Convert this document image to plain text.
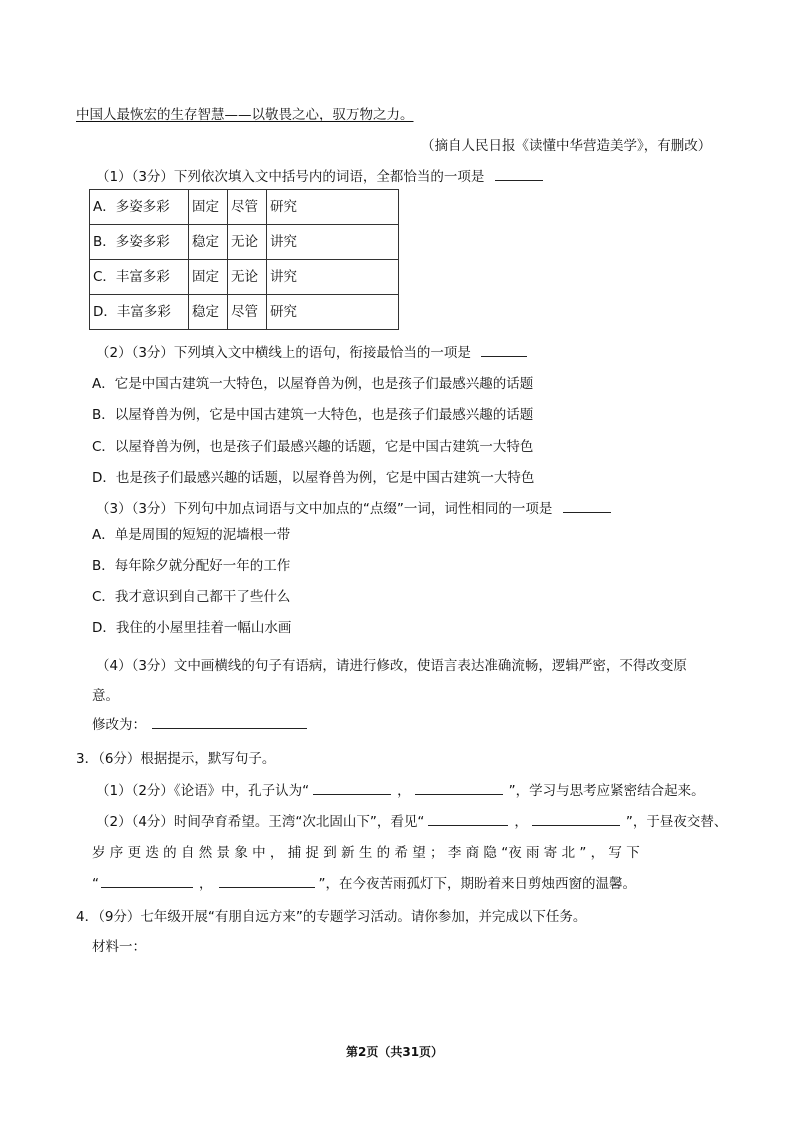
中国人最恢宏的生存智慧——以敬畏之心，驭万物之力。
（摘自人民日报《读懂中华营造美学》，有删改）
（1）（3分）下列依次填入文中括号内的词语，全都恰当的一项是
A．多姿多彩	固定	尽管	研究
B．多姿多彩	稳定	无论	讲究
C．丰富多彩	固定	无论	讲究
D．丰富多彩	稳定	尽管	研究
（2）（3分）下列填入文中横线上的语句，衔接最恰当的一项是
A．它是中国古建筑一大特色，以屋脊兽为例，也是孩子们最感兴趣的话题
B．以屋脊兽为例，它是中国古建筑一大特色，也是孩子们最感兴趣的话题
C．以屋脊兽为例，也是孩子们最感兴趣的话题，它是中国古建筑一大特色
D．也是孩子们最感兴趣的话题，以屋脊兽为例，它是中国古建筑一大特色
（3）（3分）下列句中加点词语与文中加点的“点缀”一词，词性相同的一项是
A．单是周围的短短的泥墙根一带
B．每年除夕就分配好一年的工作
C．我才意识到自己都干了些什么
D．我住的小屋里挂着一幅山水画
（4）（3分）文中画横线的句子有语病，请进行修改，使语言表达准确流畅，逻辑严密，不得改变原
意。
修改为：
3．（6分）根据提示，默写句子。
（1）（2分）《论语》中，孔子认为“	，	”，学习与思考应紧密结合起来。
（2）（4分）时间孕育希望。王湾“次北固山下”，看见“	，	”，于昼夜交替、
岁 序 更 迭 的 自 然 景 象 中 ， 捕 捉 到 新 生 的 希 望 ； 李 商 隐 “夜 雨 寄 北 ” ， 写 下
“	，	”，在今夜苦雨孤灯下，期盼着来日剪烛西窗的温馨。
4．（9分）七年级开展“有朋自远方来”的专题学习活动。请你参加，并完成以下任务。
材料一：
第2页（共31页）
